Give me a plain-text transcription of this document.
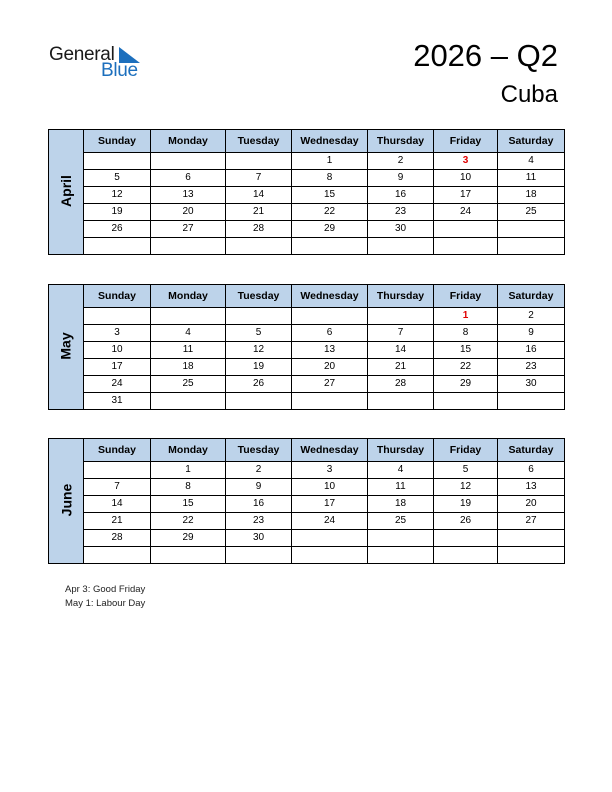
General
Blue	2026 – Q2
Cuba
April	Sunday	Monday	Tuesday	Wednesday	Thursday	Friday	Saturday
				1	2	3	4
	5	6	7	8	9	10	11
	12	13	14	15	16	17	18
	19	20	21	22	23	24	25
	26	27	28	29	30		

May	Sunday	Monday	Tuesday	Wednesday	Thursday	Friday	Saturday
						1	2
	3	4	5	6	7	8	9
	10	11	12	13	14	15	16
	17	18	19	20	21	22	23
	24	25	26	27	28	29	30
	31						
June	Sunday	Monday	Tuesday	Wednesday	Thursday	Friday	Saturday
		1	2	3	4	5	6
	7	8	9	10	11	12	13
	14	15	16	17	18	19	20
	21	22	23	24	25	26	27
	28	29	30				

Apr 3: Good Friday
May 1: Labour Day
